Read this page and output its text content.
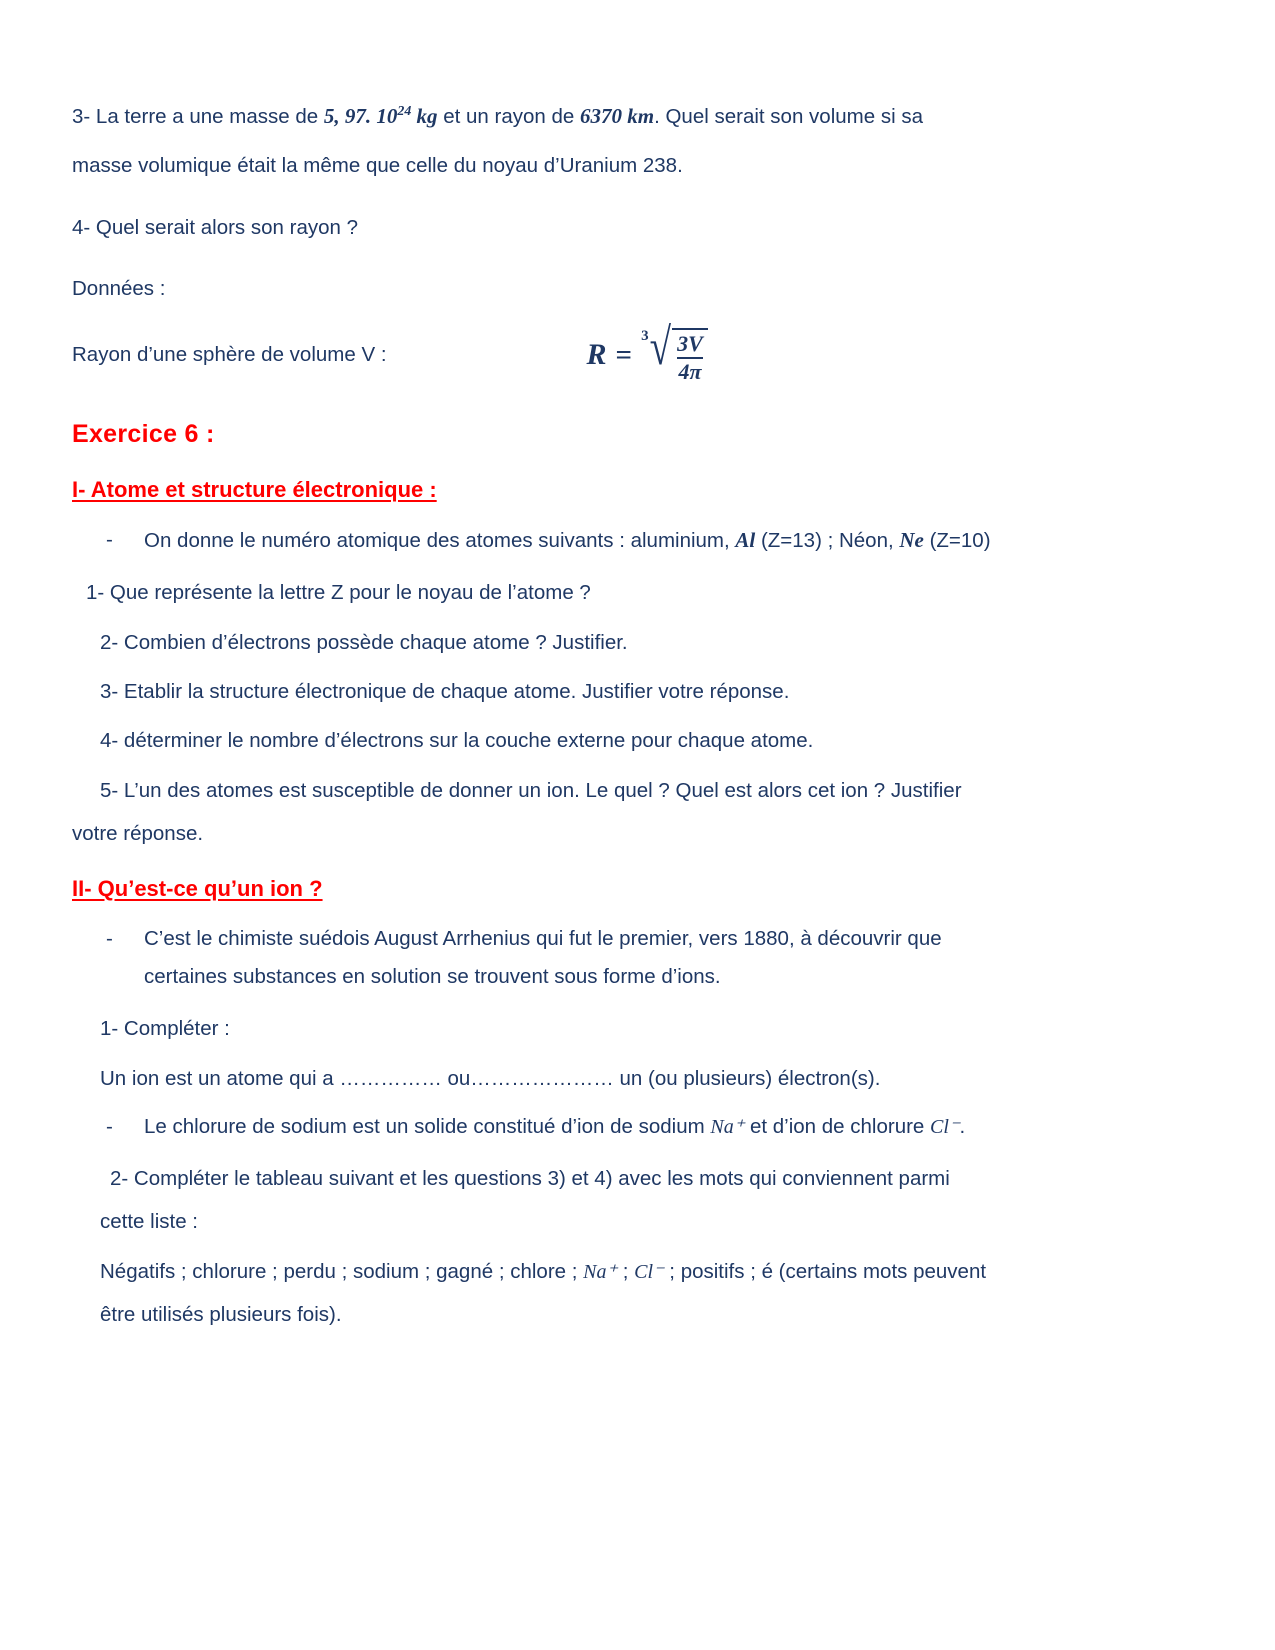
3- La terre a une masse de 5, 97. $10^{24}$ kg et un rayon de 6370 km. Quel serait son volume si sa

masse volumique était la même que celle du noyau d’Uranium 238.

4- Quel serait alors son rayon ?

Données :

Rayon d’une sphère de volume V :	R =
3 √ $\frac{3V}{4\pi}$

Exercice 6 :

I- Atome et structure électronique :

-	On donne le numéro atomique des atomes suivants : aluminium, Al (Z=13) ; Néon, Ne (Z=10)

1- Que représente la lettre Z pour le noyau de l’atome ?

2- Combien d’électrons possède chaque atome ? Justifier.

3- Etablir la structure électronique de chaque atome. Justifier votre réponse.

4- déterminer le nombre d’électrons sur la couche externe pour chaque atome.

5- L’un des atomes est susceptible de donner un ion. Le quel ? Quel est alors cet ion ? Justifier

votre réponse.

II- Qu’est-ce qu’un ion ?

-	C’est le chimiste suédois August Arrhenius qui fut le premier, vers 1880, à découvrir que
certaines substances en solution se trouvent sous forme d’ions.

1- Compléter :

Un ion est un atome qui a …………… ou………………… un (ou plusieurs) électron(s).

-	Le chlorure de sodium est un solide constitué d’ion de sodium Na⁺ et d’ion de chlorure Cl⁻.

2- Compléter le tableau suivant et les questions 3) et 4) avec les mots qui conviennent parmi

cette liste :

Négatifs ; chlorure ; perdu ; sodium ; gagné ; chlore ; Na⁺ ; Cl⁻ ; positifs ; é (certains mots peuvent

être utilisés plusieurs fois).
